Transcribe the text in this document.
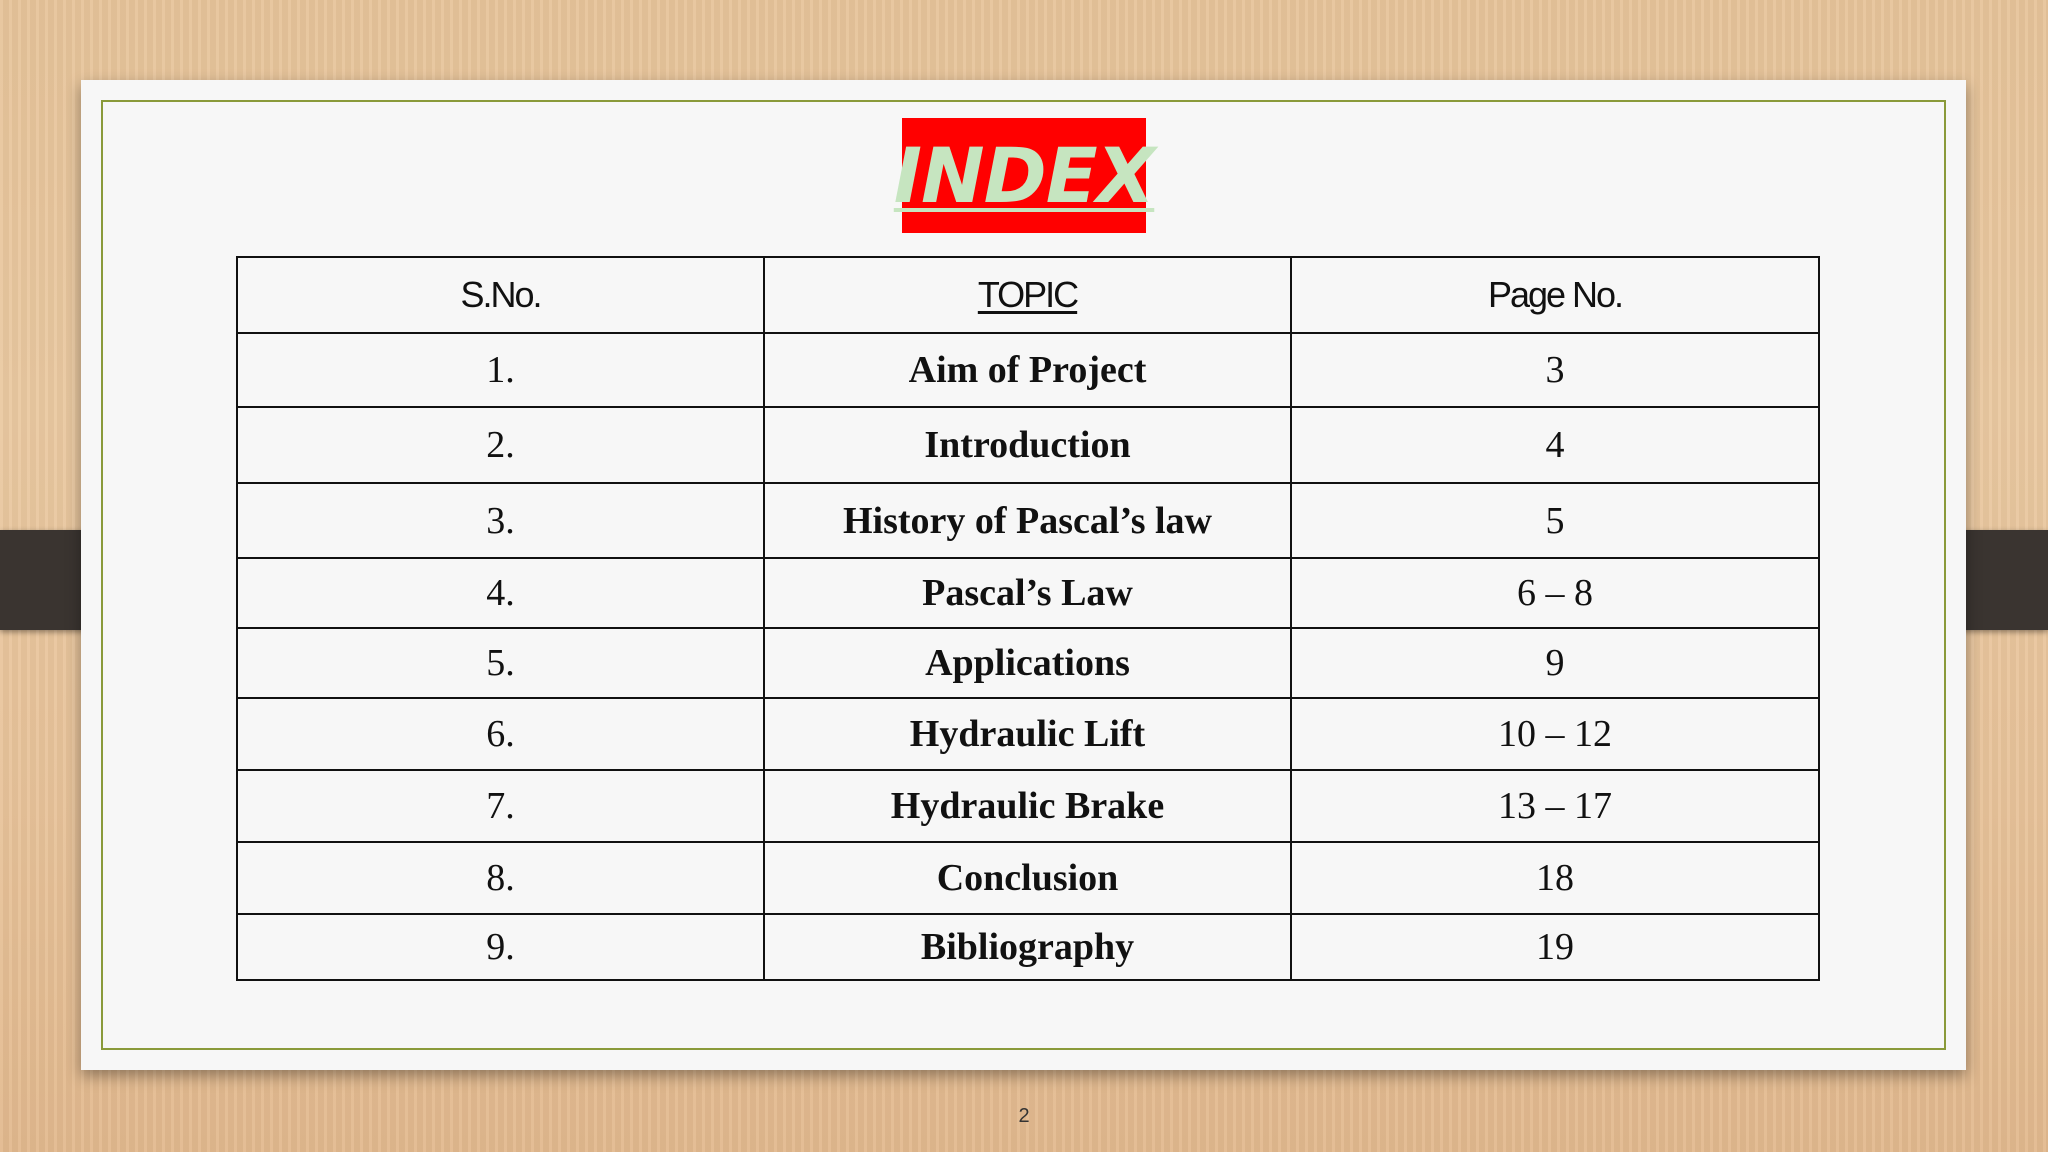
INDEX
S.No.	TOPIC	Page No.
1.	Aim of Project	3
2.	Introduction	4
3.	History of Pascal’s law	5
4.	Pascal’s Law	6 – 8
5.	Applications	9
6.	Hydraulic Lift	10 – 12
7.	Hydraulic Brake	13 – 17
8.	Conclusion	18
9.	Bibliography	19
2
